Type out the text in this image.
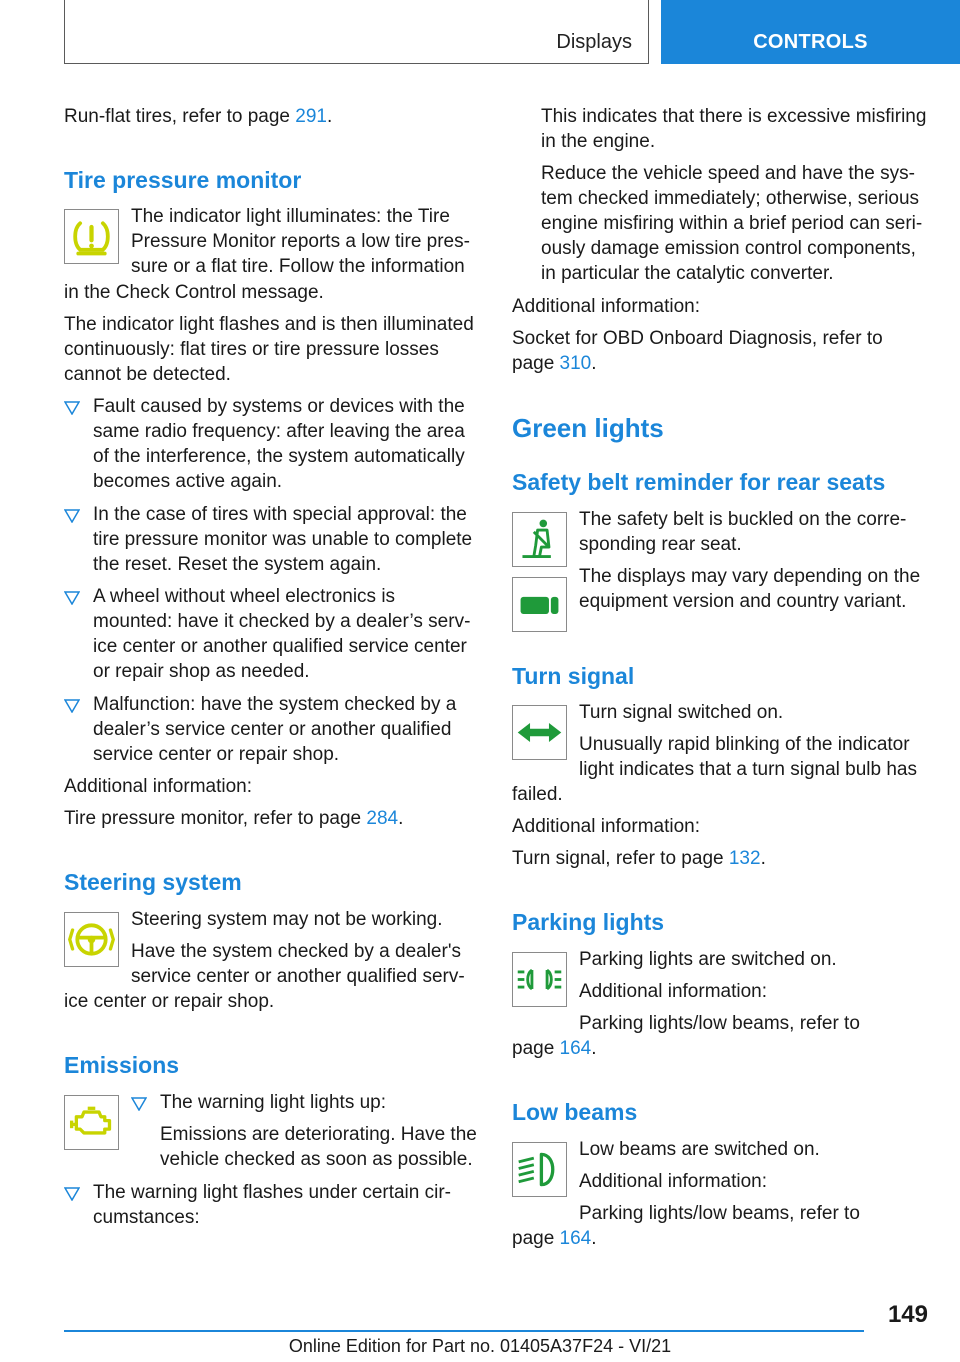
Displays	CONTROLS
Run-flat tires, refer to page 291.
Tire pressure monitor
The indicator light illuminates: the Tire
Pressure Monitor reports a low tire pres-
sure or a flat tire. Follow the information
in the Check Control message.
The indicator light flashes and is then illuminated continuously: flat tires or tire pressure losses cannot be detected.
Fault caused by systems or devices with the same radio frequency: after leaving the area of the interference, the system automatically becomes active again.
In the case of tires with special approval: the tire pressure monitor was unable to complete the reset. Reset the system again.
A wheel without wheel electronics is mounted: have it checked by a dealer’s serv-ice center or another qualified service center or repair shop as needed.
Malfunction: have the system checked by a dealer’s service center or another qualified service center or repair shop.
Additional information:
Tire pressure monitor, refer to page 284.
Steering system
Steering system may not be working.
Have the system checked by a dealer's
service center or another qualified serv-
ice center or repair shop.
Emissions
The warning light lights up:
Emissions are deteriorating. Have the vehicle checked as soon as possible.
The warning light flashes under certain cir-cumstances:
This indicates that there is excessive misfiring in the engine.
Reduce the vehicle speed and have the sys-tem checked immediately; otherwise, serious engine misfiring within a brief period can seri-ously damage emission control components, in particular the catalytic converter.
Additional information:
Socket for OBD Onboard Diagnosis, refer to page 310.
Green lights
Safety belt reminder for rear seats
The safety belt is buckled on the corre-sponding rear seat.
The displays may vary depending on the equipment version and country variant.
Turn signal
Turn signal switched on.
Unusually rapid blinking of the indicator
light indicates that a turn signal bulb has
failed.
Additional information:
Turn signal, refer to page 132.
Parking lights
Parking lights are switched on.
Additional information:
Parking lights/low beams, refer to
page 164.
Low beams
Low beams are switched on.
Additional information:
Parking lights/low beams, refer to
page 164.
149
Online Edition for Part no. 01405A37F24 - VI/21
